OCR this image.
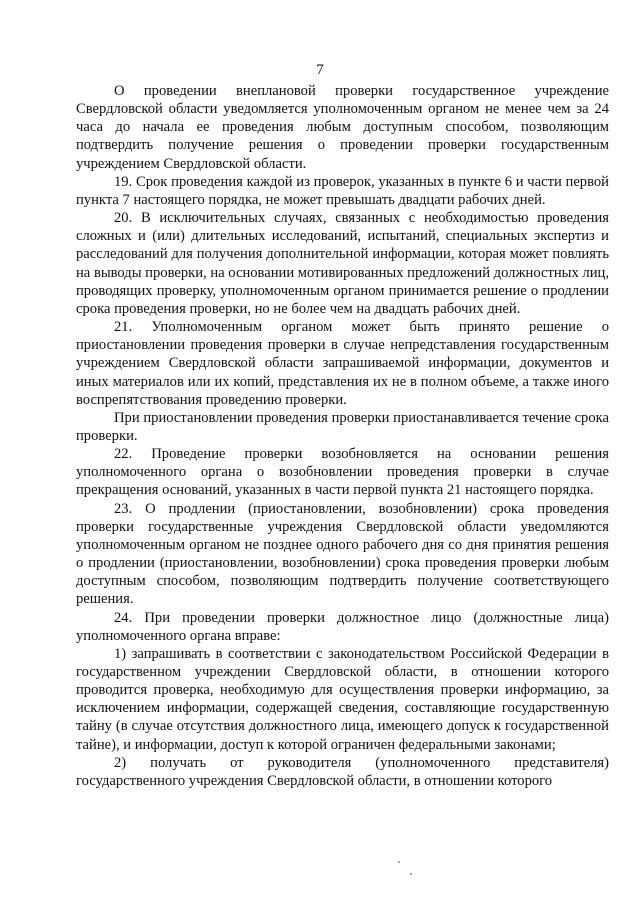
7

О проведении внеплановой проверки государственное учреждение Свердловской области уведомляется уполномоченным органом не менее чем за 24 часа до начала ее проведения любым доступным способом, позволяющим подтвердить получение решения о проведении проверки государственным учреждением Свердловской области.

19. Срок проведения каждой из проверок, указанных в пункте 6 и части первой пункта 7 настоящего порядка, не может превышать двадцати рабочих дней.

20. В исключительных случаях, связанных с необходимостью проведения сложных и (или) длительных исследований, испытаний, специальных экспертиз и расследований для получения дополнительной информации, которая может повлиять на выводы проверки, на основании мотивированных предложений должностных лиц, проводящих проверку, уполномоченным органом принимается решение о продлении срока проведения проверки, но не более чем на двадцать рабочих дней.

21. Уполномоченным органом может быть принято решение о приостановлении проведения проверки в случае непредставления государственным учреждением Свердловской области запрашиваемой информации, документов и иных материалов или их копий, представления их не в полном объеме, а также иного воспрепятствования проведению проверки.

При приостановлении проведения проверки приостанавливается течение срока проверки.

22. Проведение проверки возобновляется на основании решения уполномоченного органа о возобновлении проведения проверки в случае прекращения оснований, указанных в части первой пункта 21 настоящего порядка.

23. О продлении (приостановлении, возобновлении) срока проведения проверки государственные учреждения Свердловской области уведомляются уполномоченным органом не позднее одного рабочего дня со дня принятия решения о продлении (приостановлении, возобновлении) срока проведения проверки любым доступным способом, позволяющим подтвердить получение соответствующего решения.

24. При проведении проверки должностное лицо (должностные лица) уполномоченного органа вправе:

1) запрашивать в соответствии с законодательством Российской Федерации в государственном учреждении Свердловской области, в отношении которого проводится проверка, необходимую для осуществления проверки информацию, за исключением информации, содержащей сведения, составляющие государственную тайну (в случае отсутствия должностного лица, имеющего допуск к государственной тайне), и информации, доступ к которой ограничен федеральными законами;

2) получать от руководителя (уполномоченного представителя) государственного учреждения Свердловской области, в отношении которого
